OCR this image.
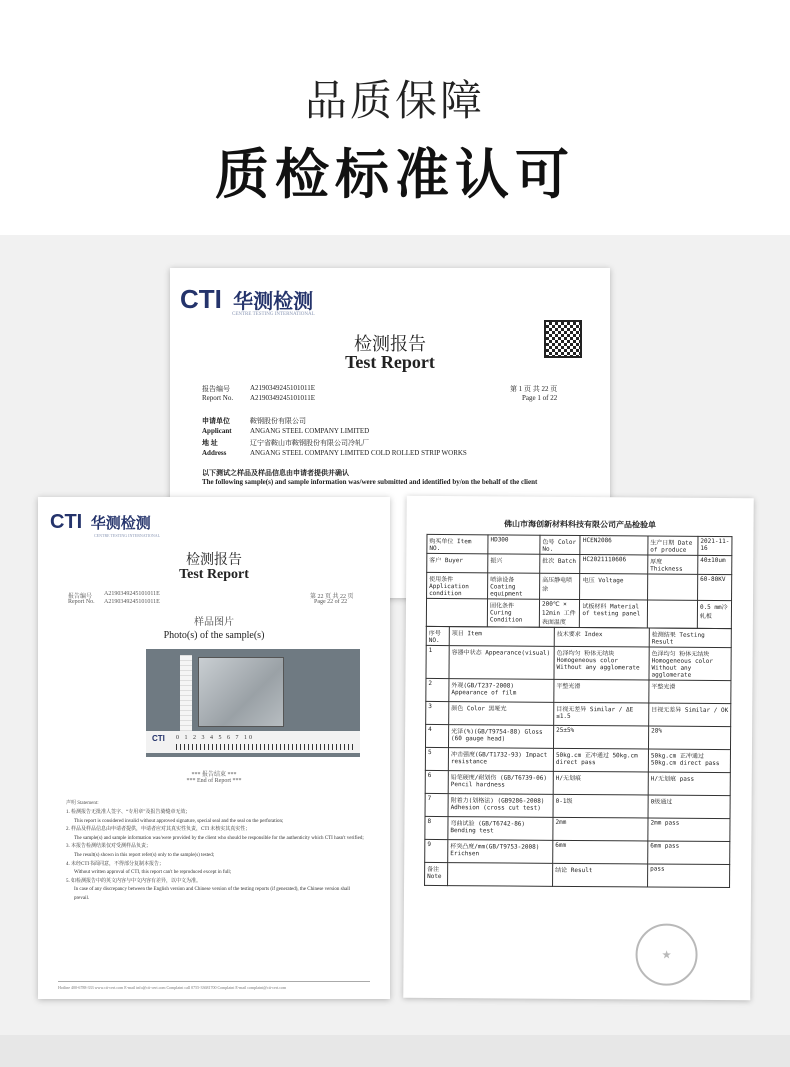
品质保障
质检标准认可
CTI 华测检测
CENTRE TESTING INTERNATIONAL
检测报告
Test Report
报告编号	A2190349245101011E
Report No. A2190349245101011E
第 1 页 共 22 页
Page 1 of 22
申请单位	鞍钢股份有限公司
Applicant	ANGANG STEEL COMPANY LIMITED
地 址	辽宁省鞍山市鞍钢股份有限公司冷轧厂
Address	ANGANG STEEL COMPANY LIMITED COLD ROLLED STRIP WORKS
以下测试之样品及样品信息由申请者提供并确认
The following sample(s) and sample information was/were submitted and identified by/on the behalf of the client
CTI 华测检测
CENTRE TESTING INTERNATIONAL
检测报告
Test Report
报告编号 A2190349245101011E
Report No. A2190349245101011E
第 22 页 共 22 页
Page 22 of 22
样品图片
Photo(s) of the sample(s)
CTI 0 1 2 3 4 5 6 7 10
*** 报告结束 ***
*** End of Report ***
声明 Statement:
1. 检测报告无批准人签字、“专用章”及报告骑缝章无效；
This report is considered invalid without approved signature, special seal and the seal on the perforation;
2. 样品及样品信息由申请者提供，申请者应对其真实性负责，CTI 未核实其真实性；
The sample(s) and sample information was/were provided by the client who should be responsible for the authenticity which CTI hasn't verified;
3. 本报告检测结果仅对受测样品负责；
The result(s) shown in this report refer(s) only to the sample(s) tested;
4. 未经CTI书面同意，不得部分复制本报告；
Without written approval of CTI, this report can't be reproduced except in full;
5. 如检测报告中的英文内容与中文内容有差异，以中文为准。
In case of any discrepancy between the English version and Chinese version of the testing reports (if generated), the Chinese version shall prevail.
Hotline 400-6788-333 www.cti-cert.com E-mail info@cti-cert.com Complaint call 0755-33681700 Complaint E-mail complaint@cti-cert.com
佛山市海创新材料科技有限公司产品检验单
购买单位 Item NO.	HD300	色号 Color No.	HCEN2086	生产日期 Date of produce	2021-11-16
客户 Buyer	振兴	批次 Batch	HC2021110606	厚度 Thickness	40±10um
使用条件 Application condition	喷涂设备 Coating equipment	高压静电喷涂	电压 Voltage		60-80KV
	固化条件 Curing Condition	200℃ × 12min 工件表面温度	试板材料 Material of testing panel		0.5 mm冷轧板
序号 NO.	项目 Item	技术要求 Index	检测结果 Testing Result
1	容器中状态 Appearance(visual)	色泽均匀 粉体无结块 Homogeneous color Without any agglomerate	色泽均匀 粉体无结块 Homogeneous color Without any agglomerate
2	外观(GB/T237-2008) Appearance of film	平整光滑	平整光滑
3	颜色 Color 黑哑光	目视无差异 Similar / ΔE ≤1.5	目视无差异 Similar / OK
4	光泽(%)(GB/T9754-88) Gloss (60 gauge head)	25±5%	28%
5	冲击强度(GB/T1732-93) Impact resistance	50kg.cm 正冲通过 50kg.cm direct pass	50kg.cm 正冲通过 50kg.cm direct pass
6	铅笔硬度/耐划伤 (GB/T6739-06) Pencil hardness	H/无划痕	H/无划痕 pass
7	附着力(划格法) (GB9286-2008) Adhesion (cross cut test)	0-1级	0级通过
8	弯曲试验 (GB/T6742-86) Bending test	2mm	2mm pass
9	杯突凸度/mm(GB/T9753-2008) Erichsen	6mm	6mm pass
备注 Note		结论 Result	pass
★
